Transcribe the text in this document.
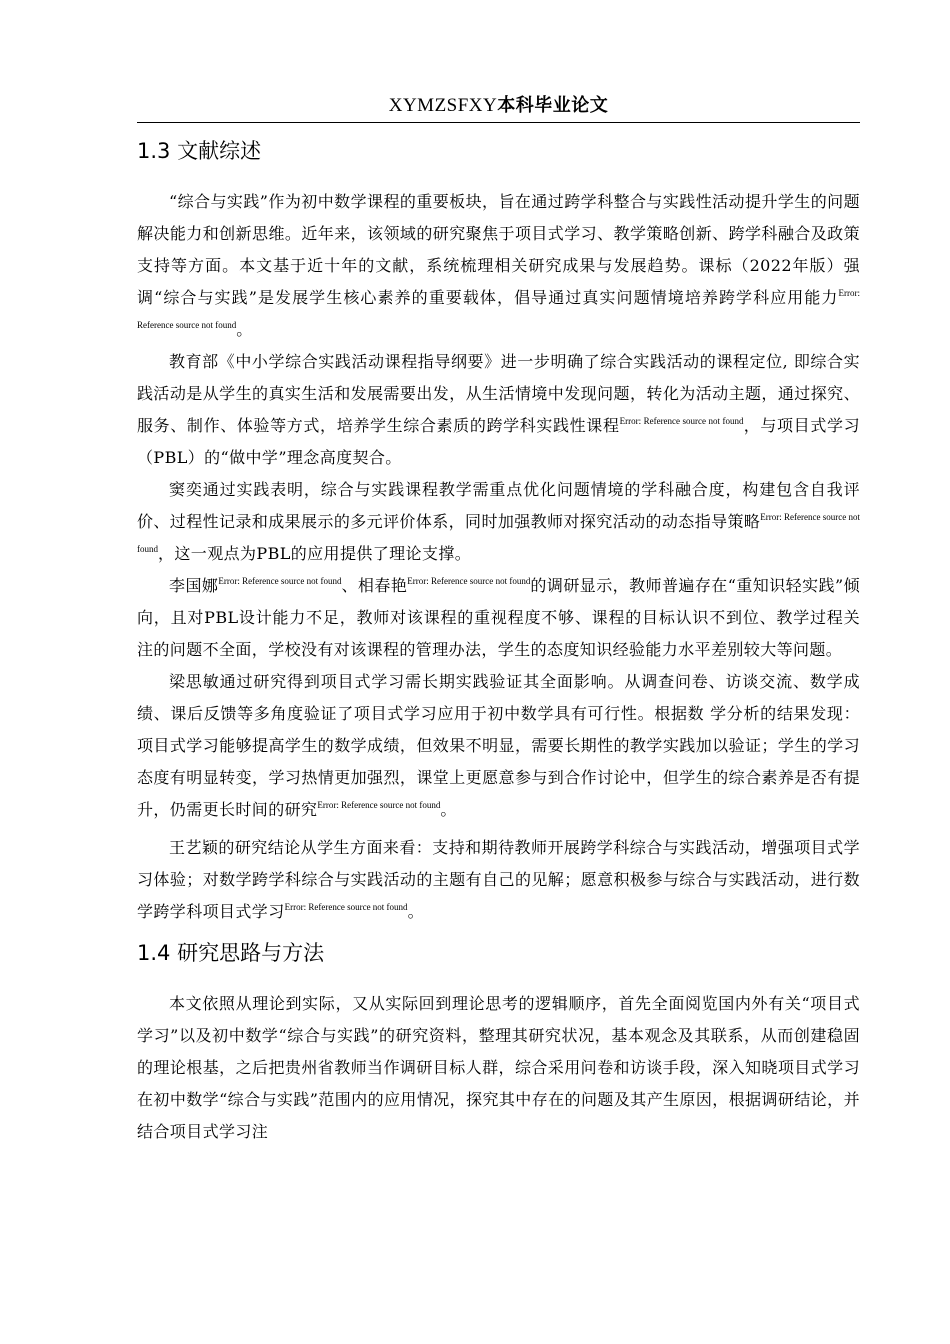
XYMZSFXY本科毕业论文
1.3 文献综述

“综合与实践”作为初中数学课程的重要板块，旨在通过跨学科整合与实践性活动提升学生的问题解决能力和创新思维。近年来，该领域的研究聚焦于项目式学习、教学策略创新、跨学科融合及政策支持等方面。本文基于近十年的文献，系统梳理相关研究成果与发展趋势。课标（2022年版）强调“综合与实践”是发展学生核心素养的重要载体，倡导通过真实问题情境培养跨学科应用能力$^{Error: Reference source not found}$。

教育部《中小学综合实践活动课程指导纲要》进一步明确了综合实践活动的课程定位, 即综合实践活动是从学生的真实生活和发展需要出发，从生活情境中发现问题，转化为活动主题，通过探究、服务、制作、体验等方式，培养学生综合素质的跨学科实践性课程$^{Error: Reference source not found}$，与项目式学习（PBL）的“做中学”理念高度契合。

窦奕通过实践表明，综合与实践课程教学需重点优化问题情境的学科融合度，构建包含自我评价、过程性记录和成果展示的多元评价体系，同时加强教师对探究活动的动态指导策略$^{Error: Reference source not found}$，这一观点为PBL的应用提供了理论支撑。

李国娜$^{Error: Reference source not found}$、相春艳$^{Error: Reference source not found}$的调研显示，教师普遍存在“重知识轻实践”倾向，且对PBL设计能力不足，教师对该课程的重视程度不够、课程的目标认识不到位、教学过程关注的问题不全面，学校没有对该课程的管理办法，学生的态度知识经验能力水平差别较大等问题。

梁思敏通过研究得到项目式学习需长期实践验证其全面影响。从调查问卷、访谈交流、数学成绩、课后反馈等多角度验证了项目式学习应用于初中数学具有可行性。根据数 学分析的结果发现：项目式学习能够提高学生的数学成绩，但效果不明显，需要长期性的教学实践加以验证；学生的学习态度有明显转变，学习热情更加强烈，课堂上更愿意参与到合作讨论中，但学生的综合素养是否有提升，仍需更长时间的研究$^{Error: Reference source not found}$。

王艺颖的研究结论从学生方面来看：支持和期待教师开展跨学科综合与实践活动，增强项目式学习体验；对数学跨学科综合与实践活动的主题有自己的见解；愿意积极参与综合与实践活动，进行数学跨学科项目式学习$^{Error: Reference source not found}$。

1.4 研究思路与方法

本文依照从理论到实际，又从实际回到理论思考的逻辑顺序，首先全面阅览国内外有关“项目式学习”以及初中数学“综合与实践”的研究资料，整理其研究状况，基本观念及其联系，从而创建稳固的理论根基，之后把贵州省教师当作调研目标人群，综合采用问卷和访谈手段，深入知晓项目式学习在初中数学“综合与实践”范围内的应用情况，探究其中存在的问题及其产生原因，根据调研结论，并结合项目式学习注
